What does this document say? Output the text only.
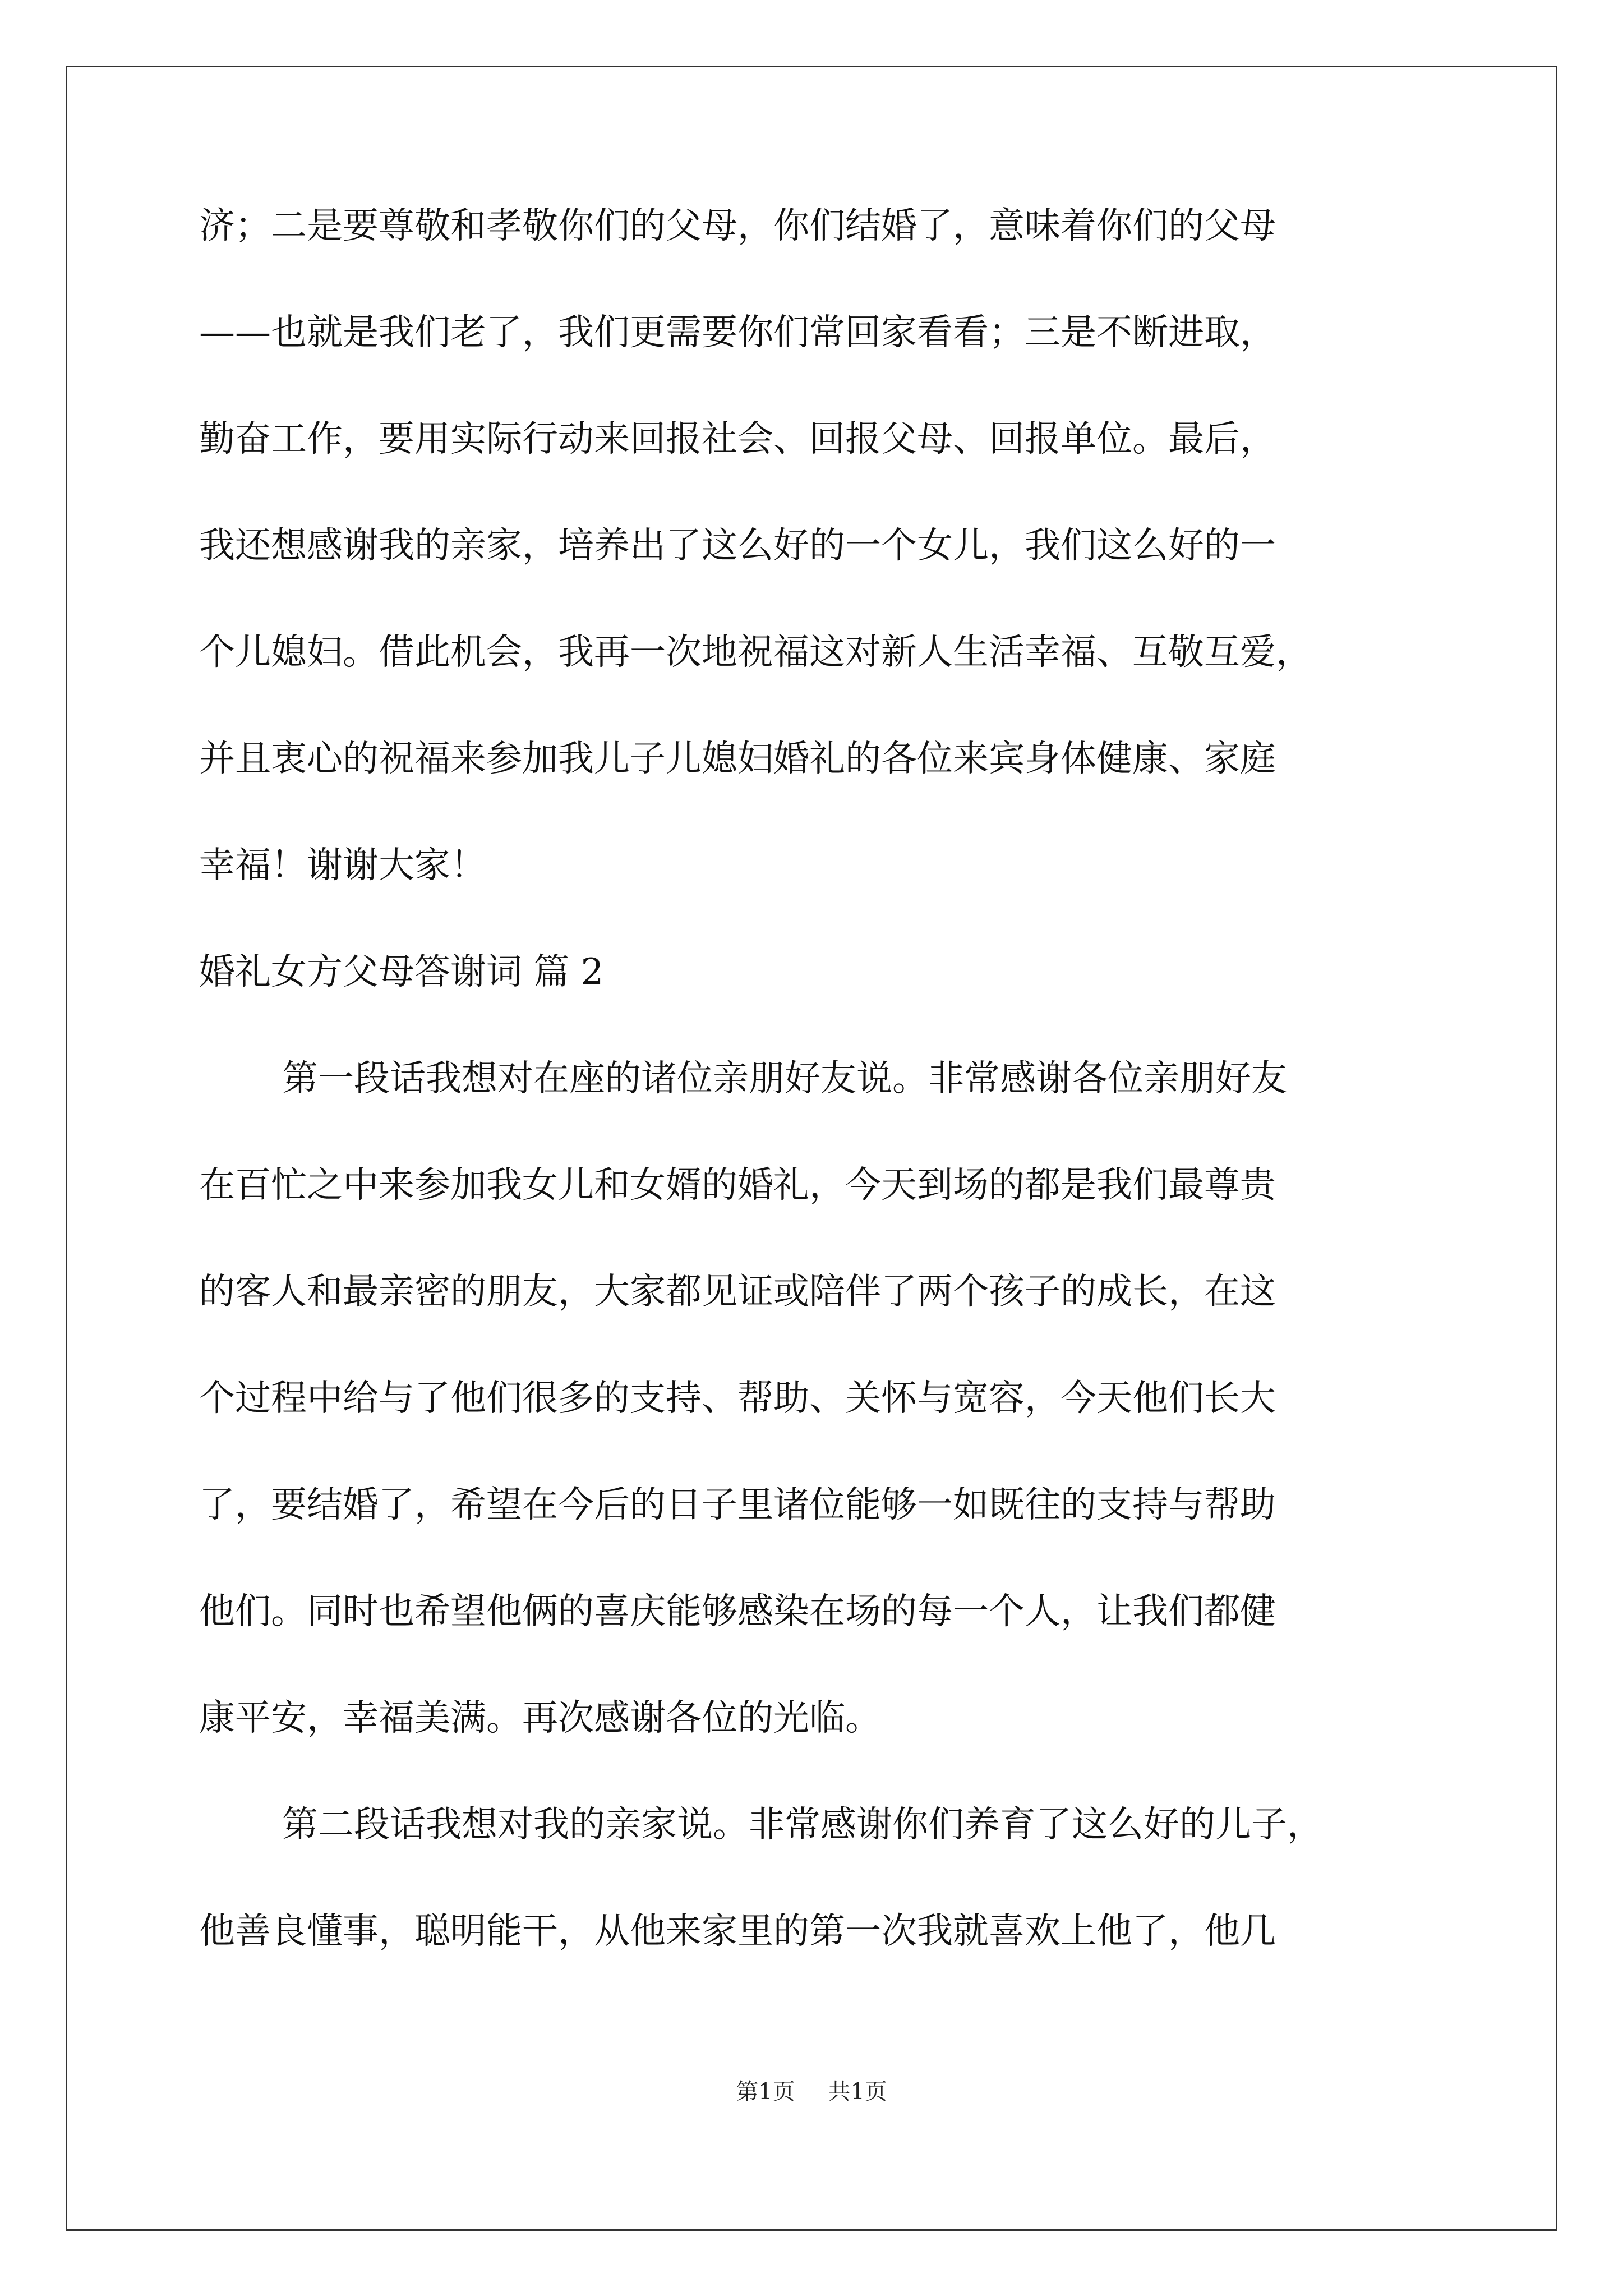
济；二是要尊敬和孝敬你们的父母，你们结婚了，意味着你们的父母
——也就是我们老了，我们更需要你们常回家看看；三是不断进取，
勤奋工作，要用实际行动来回报社会、回报父母、回报单位。最后，
我还想感谢我的亲家，培养出了这么好的一个女儿，我们这么好的一
个儿媳妇。借此机会，我再一次地祝福这对新人生活幸福、互敬互爱，
并且衷心的祝福来参加我儿子儿媳妇婚礼的各位来宾身体健康、家庭
幸福！谢谢大家！
婚礼女方父母答谢词 篇 2
第一段话我想对在座的诸位亲朋好友说。非常感谢各位亲朋好友
在百忙之中来参加我女儿和女婿的婚礼，今天到场的都是我们最尊贵
的客人和最亲密的朋友，大家都见证或陪伴了两个孩子的成长，在这
个过程中给与了他们很多的支持、帮助、关怀与宽容，今天他们长大
了，要结婚了，希望在今后的日子里诸位能够一如既往的支持与帮助
他们。同时也希望他俩的喜庆能够感染在场的每一个人，让我们都健
康平安，幸福美满。再次感谢各位的光临。
第二段话我想对我的亲家说。非常感谢你们养育了这么好的儿子，
他善良懂事，聪明能干，从他来家里的第一次我就喜欢上他了，他几
第1页 共1页
